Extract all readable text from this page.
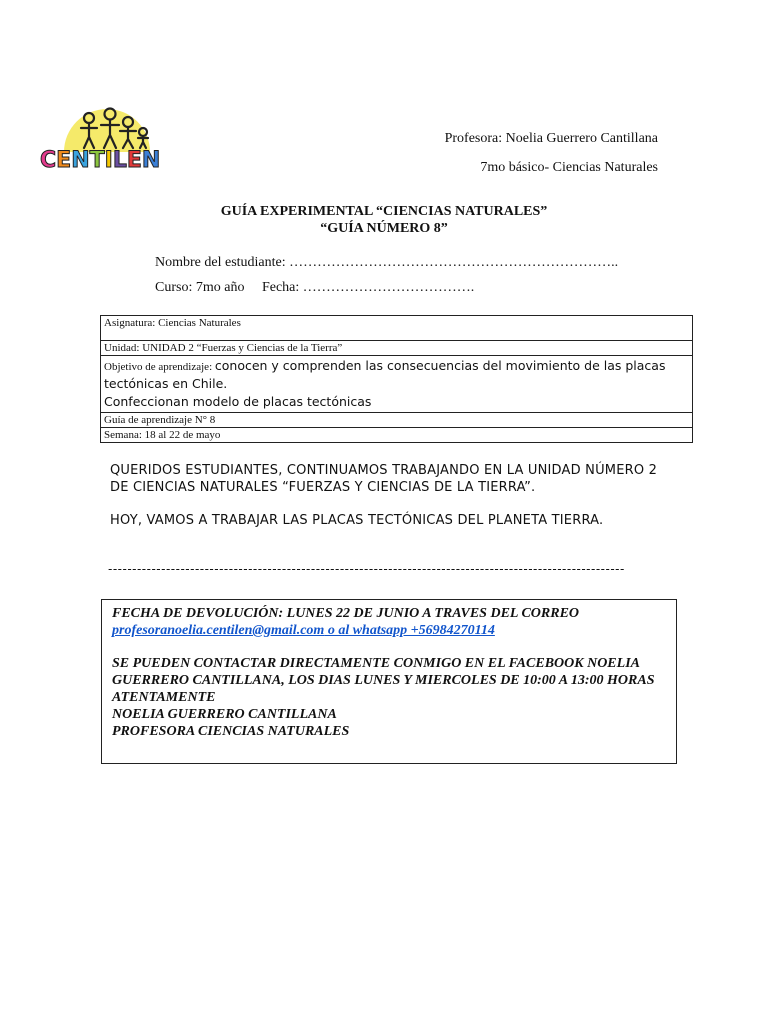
CENTILEN
Profesora: Noelia Guerrero Cantillana
7mo básico- Ciencias Naturales
GUÍA EXPERIMENTAL “CIENCIAS NATURALES”
“GUÍA NÚMERO 8”
Nombre del estudiante: ……………………………………………………………..
Curso: 7mo año Fecha: ……………………………….
Asignatura: Ciencias Naturales
Unidad: UNIDAD 2 “Fuerzas y Ciencias de la Tierra”
Objetivo de aprendizaje: conocen y comprenden las consecuencias del movimiento de las placas tectónicas en Chile.
Confeccionan modelo de placas tectónicas
Guía de aprendizaje N° 8
Semana: 18 al 22 de mayo

QUERIDOS ESTUDIANTES, CONTINUAMOS TRABAJANDO EN LA UNIDAD NÚMERO 2 DE CIENCIAS NATURALES “FUERZAS Y CIENCIAS DE LA TIERRA”.

HOY, VAMOS A TRABAJAR LAS PLACAS TECTÓNICAS DEL PLANETA TIERRA.

-----------------------------------------------------------------------------------------------------------

FECHA DE DEVOLUCIÓN: LUNES 22 DE JUNIO A TRAVES DEL CORREO

profesoranoelia.centilen@gmail.com o al whatsapp +56984270114

SE PUEDEN CONTACTAR DIRECTAMENTE CONMIGO EN EL FACEBOOK NOELIA GUERRERO CANTILLANA, LOS DIAS LUNES Y MIERCOLES DE 10:00 A 13:00 HORAS

ATENTAMENTE

NOELIA GUERRERO CANTILLANA

PROFESORA CIENCIAS NATURALES
